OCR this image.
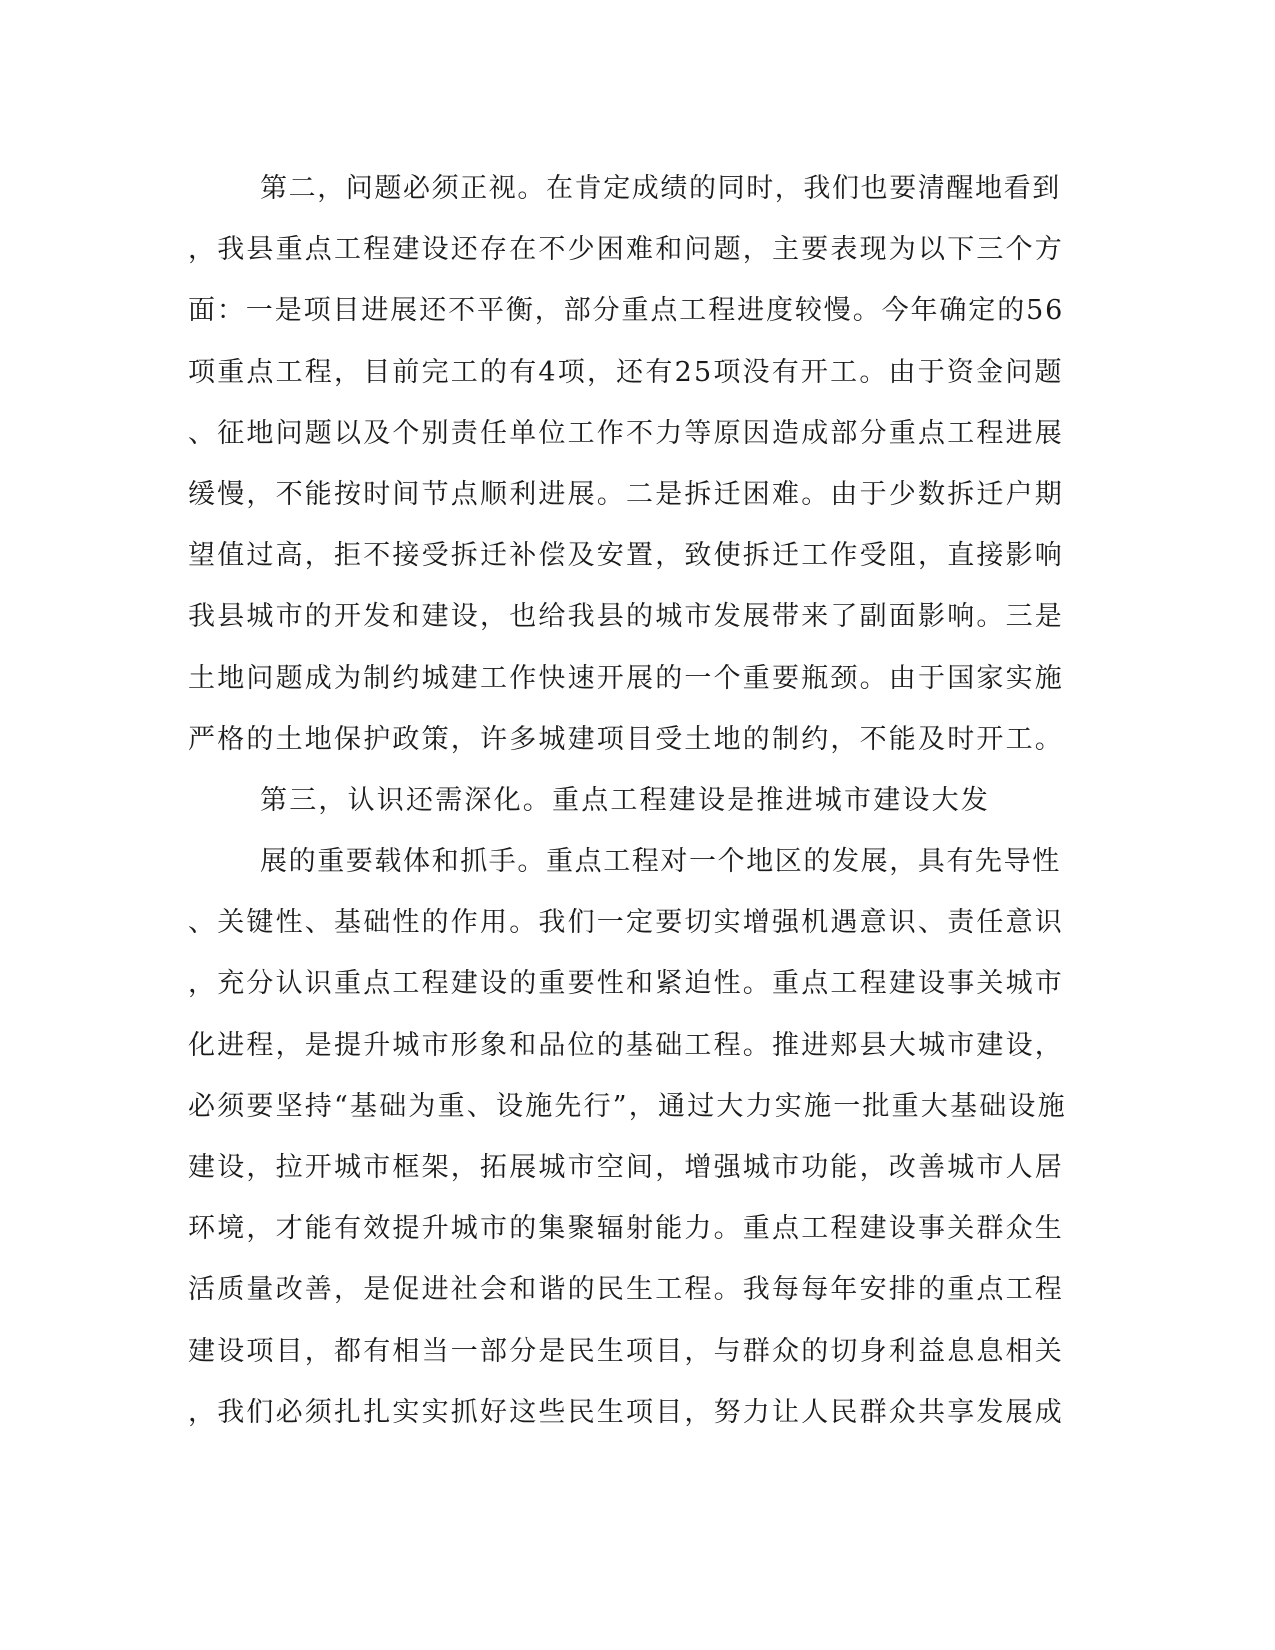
第二，问题必须正视。在肯定成绩的同时，我们也要清醒地看到
，我县重点工程建设还存在不少困难和问题，主要表现为以下三个方
面：一是项目进展还不平衡，部分重点工程进度较慢。今年确定的56
项重点工程，目前完工的有4项，还有25项没有开工。由于资金问题
、征地问题以及个别责任单位工作不力等原因造成部分重点工程进展
缓慢，不能按时间节点顺利进展。二是拆迁困难。由于少数拆迁户期
望值过高，拒不接受拆迁补偿及安置，致使拆迁工作受阻，直接影响
我县城市的开发和建设，也给我县的城市发展带来了副面影响。三是
土地问题成为制约城建工作快速开展的一个重要瓶颈。由于国家实施
严格的土地保护政策，许多城建项目受土地的制约，不能及时开工。
第三，认识还需深化。重点工程建设是推进城市建设大发
展的重要载体和抓手。重点工程对一个地区的发展，具有先导性
、关键性、基础性的作用。我们一定要切实增强机遇意识、责任意识
，充分认识重点工程建设的重要性和紧迫性。重点工程建设事关城市
化进程，是提升城市形象和品位的基础工程。推进郏县大城市建设，
必须要坚持“基础为重、设施先行”，通过大力实施一批重大基础设施
建设，拉开城市框架，拓展城市空间，增强城市功能，改善城市人居
环境，才能有效提升城市的集聚辐射能力。重点工程建设事关群众生
活质量改善，是促进社会和谐的民生工程。我每每年安排的重点工程
建设项目，都有相当一部分是民生项目，与群众的切身利益息息相关
，我们必须扎扎实实抓好这些民生项目，努力让人民群众共享发展成
